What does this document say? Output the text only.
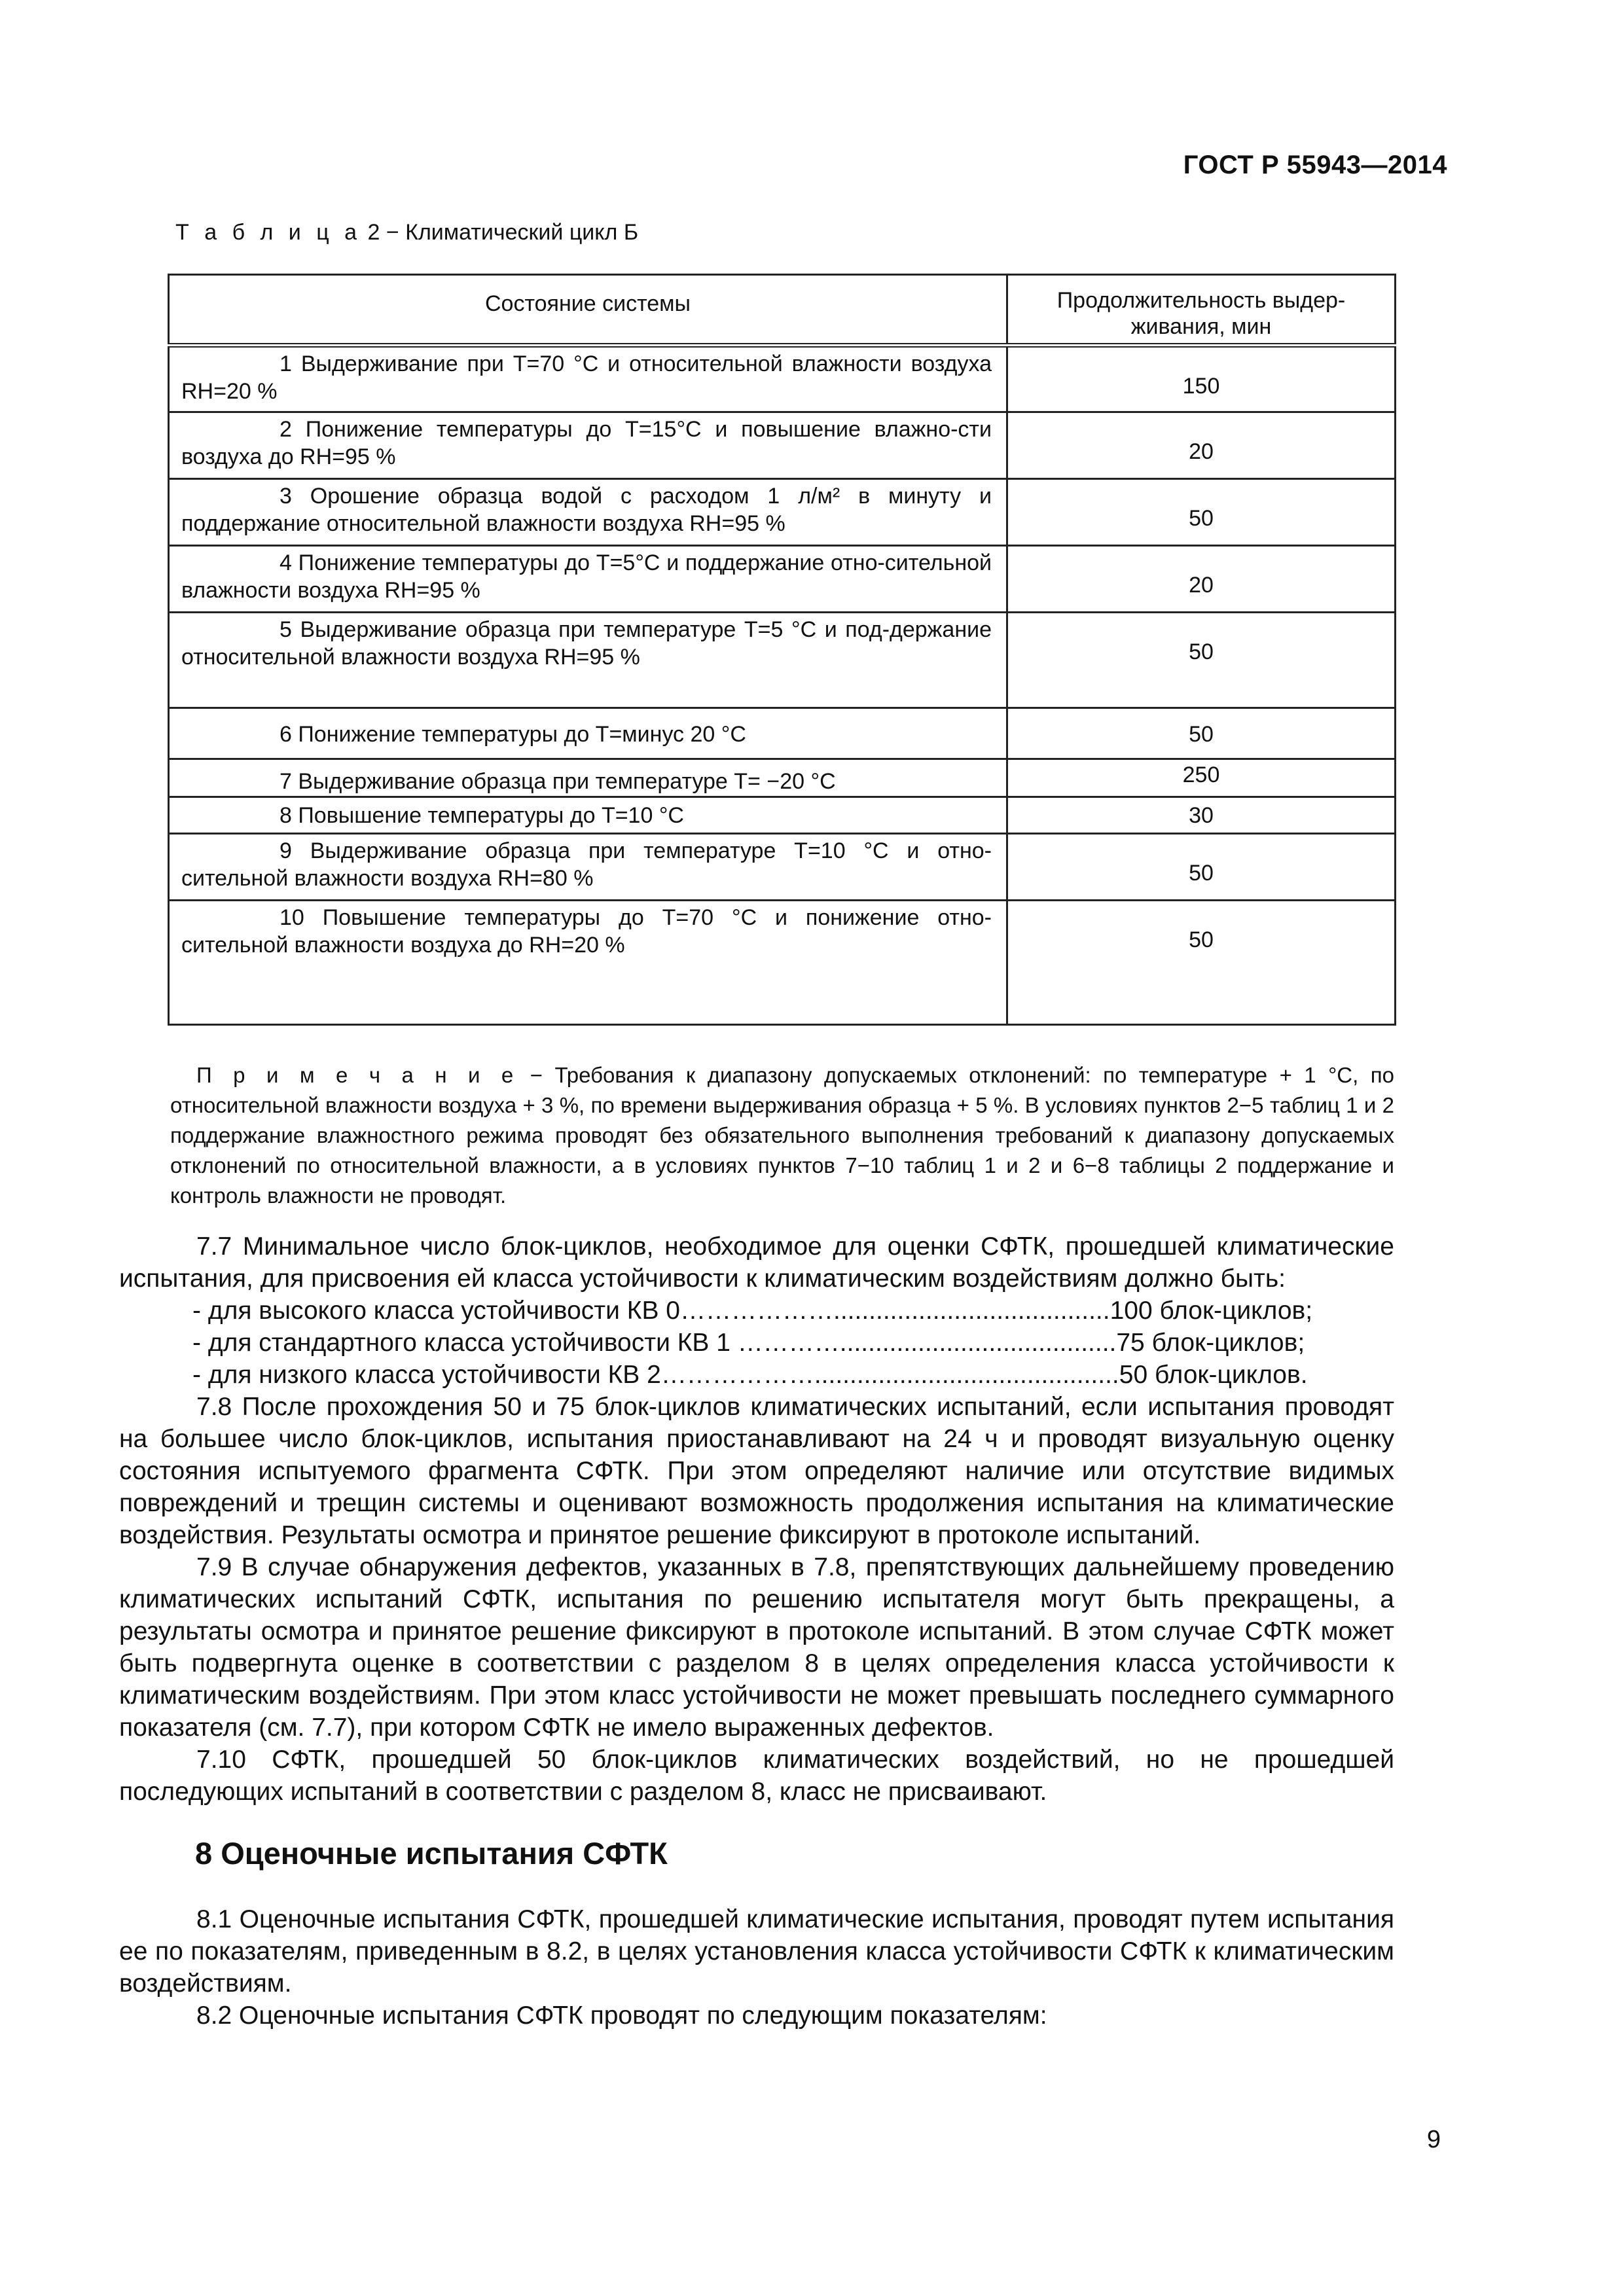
ГОСТ Р 55943—2014
Т а б л и ц а 2 − Климатический цикл Б
Состояние системы	Продолжительность выдер-живания, мин
1 Выдерживание при Т=70 °С и относительной влажности воздуха RH=20 %	150
2 Понижение температуры до Т=15°С и повышение влажно-сти воздуха до RH=95 %	20
3 Орошение образца водой с расходом 1 л/м² в минуту и поддержание относительной влажности воздуха RH=95 %	50
4 Понижение температуры до Т=5°С и поддержание отно-сительной влажности воздуха RH=95 %	20
5 Выдерживание образца при температуре Т=5 °С и под-держание относительной влажности воздуха RH=95 %	50
6 Понижение температуры до Т=минус 20 °С	50
7 Выдерживание образца при температуре Т= −20 °С	250
8 Повышение температуры до Т=10 °С	30
9 Выдерживание образца при температуре Т=10 °С и отно-сительной влажности воздуха RH=80 %	50
10 Повышение температуры до Т=70 °С и понижение отно-сительной влажности воздуха до RH=20 %	50
П р и м е ч а н и е − Требования к диапазону допускаемых отклонений: по температуре + 1 °С, по относительной влажности воздуха + 3 %, по времени выдерживания образца + 5 %. В условиях пунктов 2−5 таблиц 1 и 2 поддержание влажностного режима проводят без обязательного выполнения требований к диапазону допускаемых отклонений по относительной влажности, а в условиях пунктов 7−10 таблиц 1 и 2 и 6−8 таблицы 2 поддержание и контроль влажности не проводят.

7.7 Минимальное число блок-циклов, необходимое для оценки СФТК, прошедшей климатические испытания, для присвоения ей класса устойчивости к климатическим воздействиям должно быть:

- для высокого класса устойчивости КВ 0……………….......................................100 блок-циклов;

- для стандартного класса устойчивости КВ 1 ………….......................................75 блок-циклов;

- для низкого класса устойчивости КВ 2………………...........................................50 блок-циклов.

7.8 После прохождения 50 и 75 блок-циклов климатических испытаний, если испытания проводят на большее число блок-циклов, испытания приостанавливают на 24 ч и проводят визуальную оценку состояния испытуемого фрагмента СФТК. При этом определяют наличие или отсутствие видимых повреждений и трещин системы и оценивают возможность продолжения испытания на климатические воздействия. Результаты осмотра и принятое решение фиксируют в протоколе испытаний.

7.9 В случае обнаружения дефектов, указанных в 7.8, препятствующих дальнейшему проведению климатических испытаний СФТК, испытания по решению испытателя могут быть прекращены, а результаты осмотра и принятое решение фиксируют в протоколе испытаний. В этом случае СФТК может быть подвергнута оценке в соответствии с разделом 8 в целях определения класса устойчивости к климатическим воздействиям. При этом класс устойчивости не может превышать последнего суммарного показателя (см. 7.7), при котором СФТК не имело выраженных дефектов.

7.10 СФТК, прошедшей 50 блок-циклов климатических воздействий, но не прошедшей последующих испытаний в соответствии с разделом 8, класс не присваивают.

8 Оценочные испытания СФТК

8.1 Оценочные испытания СФТК, прошедшей климатические испытания, проводят путем испытания ее по показателям, приведенным в 8.2, в целях установления класса устойчивости СФТК к климатическим воздействиям.

8.2 Оценочные испытания СФТК проводят по следующим показателям:

9
